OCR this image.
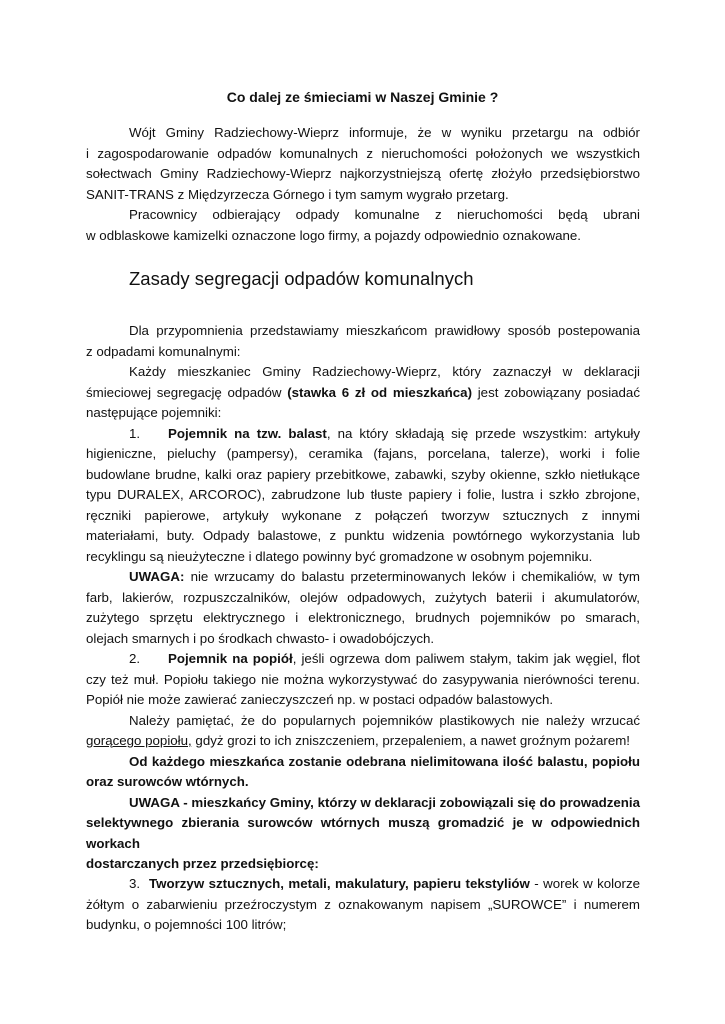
Co dalej ze śmieciami w Naszej Gminie ?
Wójt Gminy Radziechowy-Wieprz informuje, że w wyniku przetargu na odbiór
i zagospodarowanie odpadów komunalnych z nieruchomości położonych we wszystkich
sołectwach Gminy Radziechowy-Wieprz najkorzystniejszą ofertę złożyło przedsiębiorstwo
SANIT-TRANS z Międzyrzecza Górnego i tym samym wygrało przetarg.
Pracownicy odbierający odpady komunalne z nieruchomości będą ubrani
w odblaskowe kamizelki oznaczone logo firmy, a pojazdy odpowiednio oznakowane.
Zasady segregacji odpadów komunalnych
Dla przypomnienia przedstawiamy mieszkańcom prawidłowy sposób postepowania
z odpadami komunalnymi:
Każdy mieszkaniec Gminy Radziechowy-Wieprz, który zaznaczył w deklaracji
śmieciowej segregację odpadów (stawka 6 zł od mieszkańca) jest zobowiązany posiadać
następujące pojemniki:
1. Pojemnik na tzw. balast, na który składają się przede wszystkim: artykuły
higieniczne, pieluchy (pampersy), ceramika (fajans, porcelana, talerze), worki i folie
budowlane brudne, kalki oraz papiery przebitkowe, zabawki, szyby okienne, szkło nietłukące
typu DURALEX, ARCOROC), zabrudzone lub tłuste papiery i folie, lustra i szkło zbrojone,
ręczniki papierowe, artykuły wykonane z połączeń tworzyw sztucznych z innymi
materiałami, buty. Odpady balastowe, z punktu widzenia powtórnego wykorzystania lub
recyklingu są nieużyteczne i dlatego powinny być gromadzone w osobnym pojemniku.
UWAGA: nie wrzucamy do balastu przeterminowanych leków i chemikaliów, w tym
farb, lakierów, rozpuszczalników, olejów odpadowych, zużytych baterii i akumulatorów,
zużytego sprzętu elektrycznego i elektronicznego, brudnych pojemników po smarach,
olejach smarnych i po środkach chwasto- i owadobójczych.
2. Pojemnik na popiół, jeśli ogrzewa dom paliwem stałym, takim jak węgiel, flot
czy też muł. Popiołu takiego nie można wykorzystywać do zasypywania nierówności terenu.
Popiół nie może zawierać zanieczyszczeń np. w postaci odpadów balastowych.
Należy pamiętać, że do popularnych pojemników plastikowych nie należy wrzucać
gorącego popiołu, gdyż grozi to ich zniszczeniem, przepaleniem, a nawet groźnym pożarem!
Od każdego mieszkańca zostanie odebrana nielimitowana ilość balastu, popiołu
oraz surowców wtórnych.
UWAGA - mieszkańcy Gminy, którzy w deklaracji zobowiązali się do prowadzenia
selektywnego zbierania surowców wtórnych muszą gromadzić je w odpowiednich workach
dostarczanych przez przedsiębiorcę:
3. Tworzyw sztucznych, metali, makulatury, papieru tekstyliów - worek w kolorze
żółtym o zabarwieniu przeźroczystym z oznakowanym napisem „SUROWCE” i numerem
budynku, o pojemności 100 litrów;
